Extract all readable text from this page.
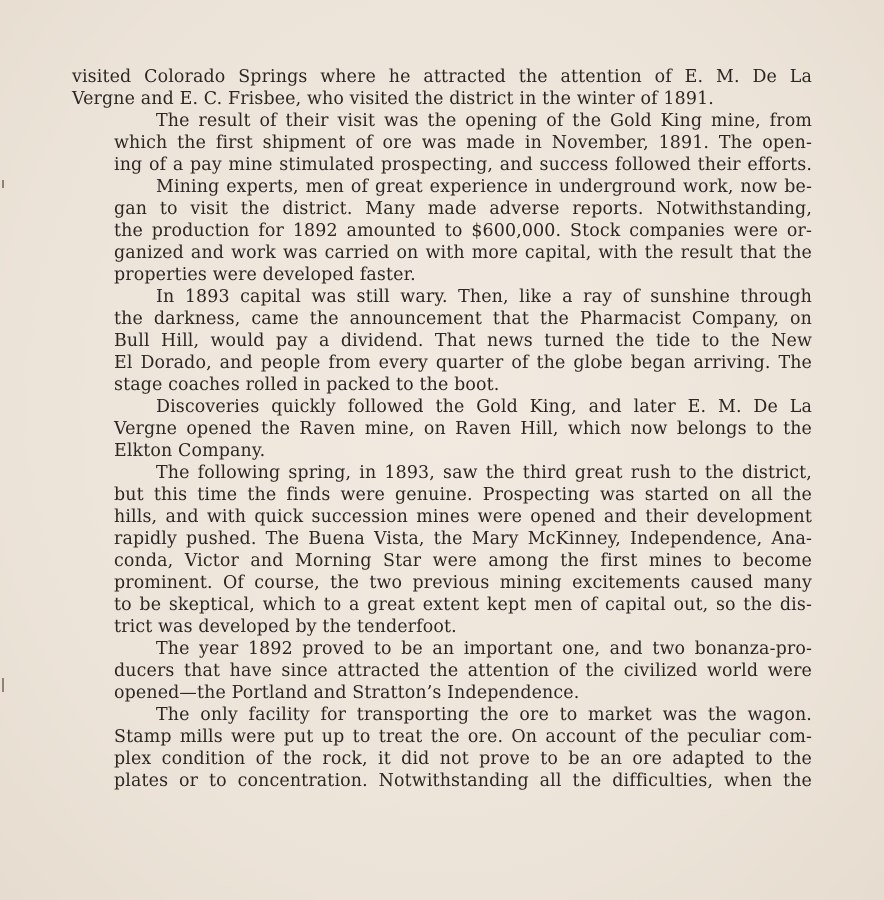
visited Colorado Springs where he attracted the attention of E. M. De La
Vergne and E. C. Frisbee, who visited the district in the winter of 1891.
The result of their visit was the opening of the Gold King mine, from
which the first shipment of ore was made in November, 1891. The open-
ing of a pay mine stimulated prospecting, and success followed their efforts.
Mining experts, men of great experience in underground work, now be-
gan to visit the district. Many made adverse reports. Notwithstanding,
the production for 1892 amounted to $600,000. Stock companies were or-
ganized and work was carried on with more capital, with the result that the
properties were developed faster.
In 1893 capital was still wary. Then, like a ray of sunshine through
the darkness, came the announcement that the Pharmacist Company, on
Bull Hill, would pay a dividend. That news turned the tide to the New
El Dorado, and people from every quarter of the globe began arriving. The
stage coaches rolled in packed to the boot.
Discoveries quickly followed the Gold King, and later E. M. De La
Vergne opened the Raven mine, on Raven Hill, which now belongs to the
Elkton Company.
The following spring, in 1893, saw the third great rush to the district,
but this time the finds were genuine. Prospecting was started on all the
hills, and with quick succession mines were opened and their development
rapidly pushed. The Buena Vista, the Mary McKinney, Independence, Ana-
conda, Victor and Morning Star were among the first mines to become
prominent. Of course, the two previous mining excitements caused many
to be skeptical, which to a great extent kept men of capital out, so the dis-
trict was developed by the tenderfoot.
The year 1892 proved to be an important one, and two bonanza-pro-
ducers that have since attracted the attention of the civilized world were
opened—the Portland and Stratton’s Independence.
The only facility for transporting the ore to market was the wagon.
Stamp mills were put up to treat the ore. On account of the peculiar com-
plex condition of the rock, it did not prove to be an ore adapted to the
plates or to concentration. Notwithstanding all the difficulties, when the
